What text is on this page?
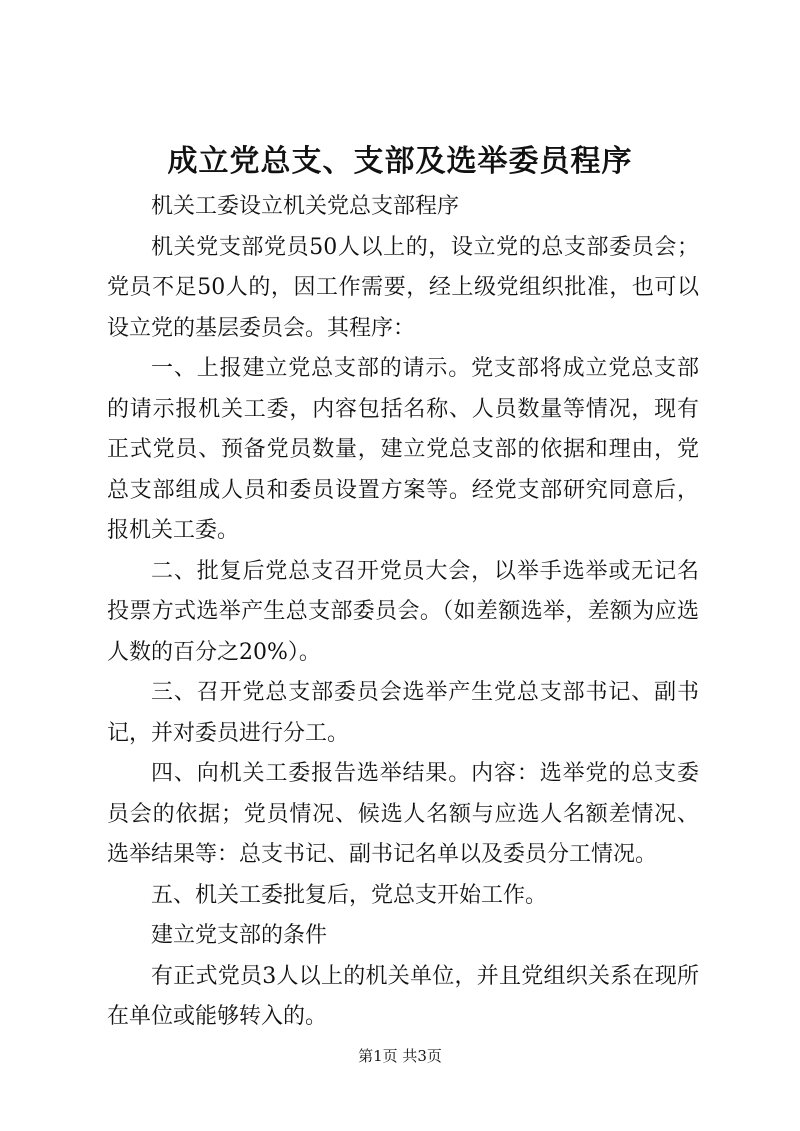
成立党总支、支部及选举委员程序

机关工委设立机关党总支部程序

机关党支部党员50人以上的，设立党的总支部委员会；党员不足50人的，因工作需要，经上级党组织批准，也可以设立党的基层委员会。其程序：

一、上报建立党总支部的请示。党支部将成立党总支部的请示报机关工委，内容包括名称、人员数量等情况，现有正式党员、预备党员数量，建立党总支部的依据和理由，党总支部组成人员和委员设置方案等。经党支部研究同意后，报机关工委。

二、批复后党总支召开党员大会，以举手选举或无记名投票方式选举产生总支部委员会。（如差额选举，差额为应选人数的百分之20%）。

三、召开党总支部委员会选举产生党总支部书记、副书记，并对委员进行分工。

四、向机关工委报告选举结果。内容：选举党的总支委员会的依据；党员情况、候选人名额与应选人名额差情况、选举结果等：总支书记、副书记名单以及委员分工情况。

五、机关工委批复后，党总支开始工作。

建立党支部的条件

有正式党员3人以上的机关单位，并且党组织关系在现所在单位或能够转入的。

第1页 共3页
